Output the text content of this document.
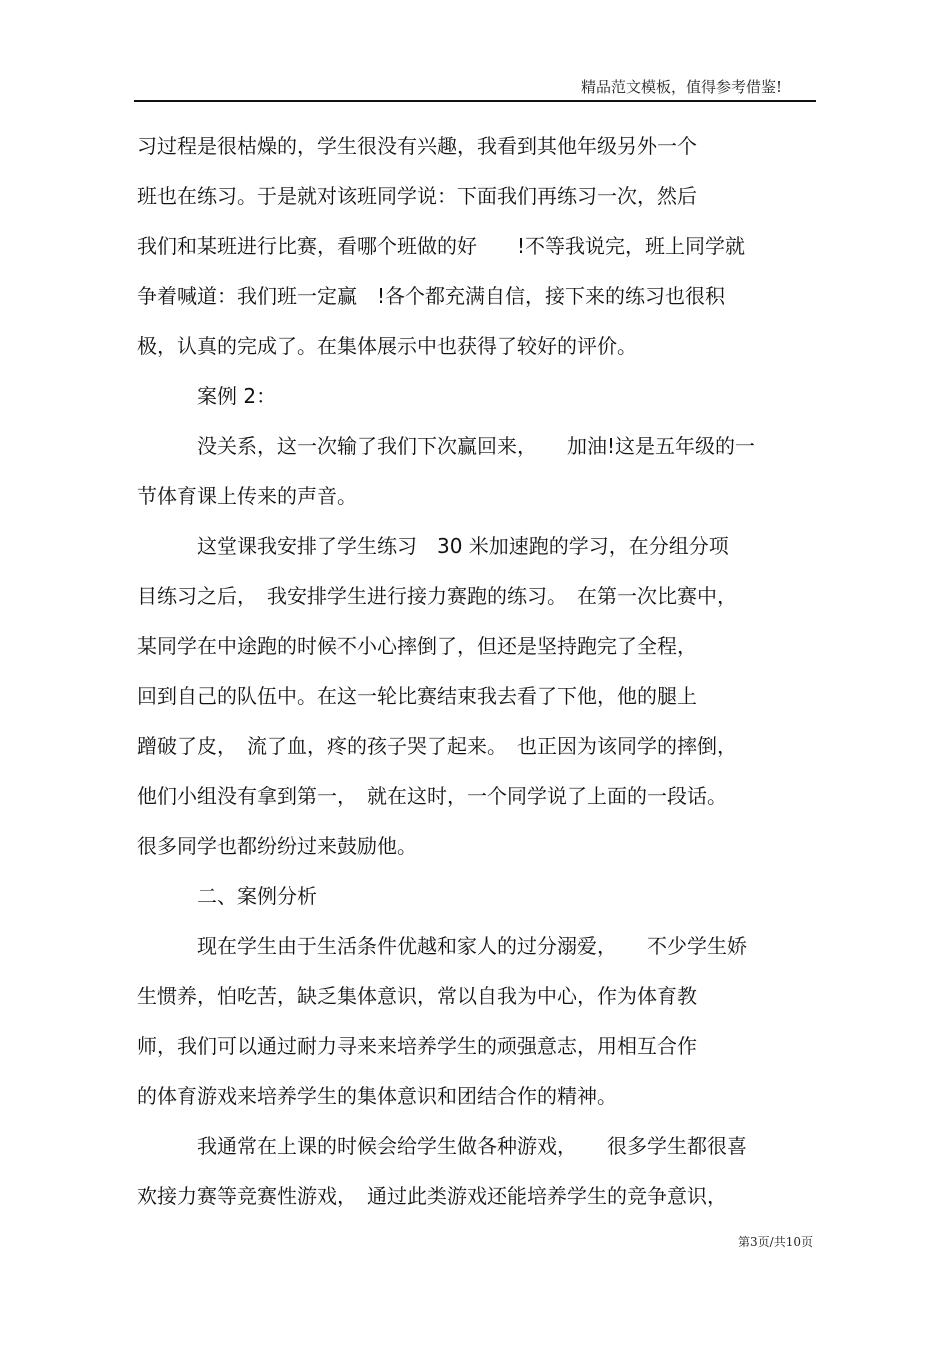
精品范文模板，值得参考借鉴!
习过程是很枯燥的，学生很没有兴趣，我看到其他年级另外一个
班也在练习。于是就对该班同学说：下面我们再练习一次，然后
我们和某班进行比赛，看哪个班做的好　　!不等我说完，班上同学就
争着喊道：我们班一定赢　!各个都充满自信，接下来的练习也很积
极，认真的完成了。在集体展示中也获得了较好的评价。
案例 2：
没关系，这一次输了我们下次赢回来，　　加油!这是五年级的一
节体育课上传来的声音。
这堂课我安排了学生练习　30 米加速跑的学习，在分组分项
目练习之后，　我安排学生进行接力赛跑的练习。　在第一次比赛中，
某同学在中途跑的时候不小心摔倒了，但还是坚持跑完了全程，
回到自己的队伍中。在这一轮比赛结束我去看了下他，他的腿上
蹭破了皮，　流了血，疼的孩子哭了起来。　也正因为该同学的摔倒，
他们小组没有拿到第一，　就在这时，一个同学说了上面的一段话。
很多同学也都纷纷过来鼓励他。
二、案例分析
现在学生由于生活条件优越和家人的过分溺爱，　　不少学生娇
生惯养，怕吃苦，缺乏集体意识，常以自我为中心，作为体育教
师，我们可以通过耐力寻来来培养学生的顽强意志，用相互合作
的体育游戏来培养学生的集体意识和团结合作的精神。
我通常在上课的时候会给学生做各种游戏，　　很多学生都很喜
欢接力赛等竞赛性游戏，　通过此类游戏还能培养学生的竞争意识，
第3页/共10页
